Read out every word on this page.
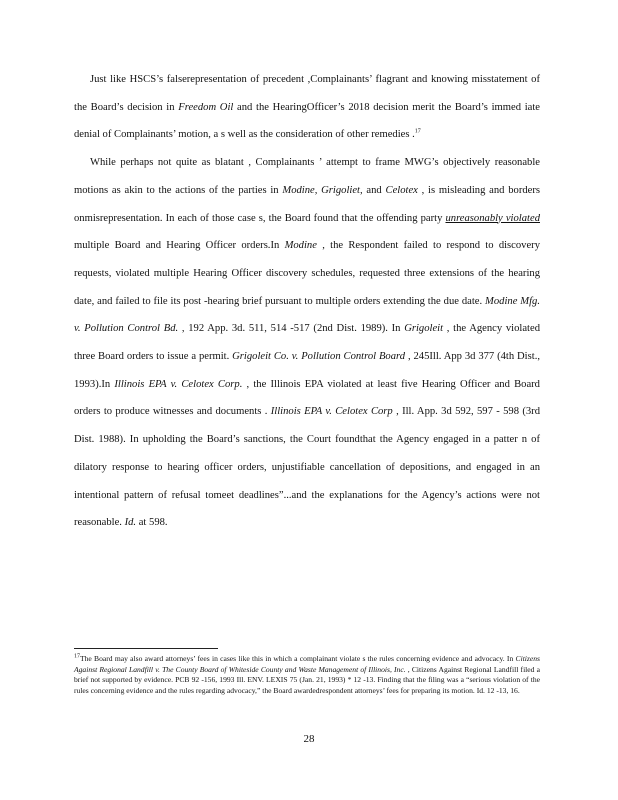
Just like HSCS’s falserepresentation of precedent ,Complainants’ flagrant and knowing misstatement of the Board’s decision in Freedom Oil and the HearingOfficer’s 2018 decision merit the Board’s immed iate denial of Complainants’ motion, a s well as the consideration of other remedies .$^{17}$

While perhaps not quite as blatant , Complainants ’ attempt to frame MWG’s objectively reasonable motions as akin to the actions of the parties in Modine, Grigoliet, and Celotex , is misleading and borders onmisrepresentation. In each of those case s, the Board found that the offending party unreasonably violated multiple Board and Hearing Officer orders.In Modine , the Respondent failed to respond to discovery requests, violated multiple Hearing Officer discovery schedules, requested three extensions of the hearing date, and failed to file its post -hearing brief pursuant to multiple orders extending the due date. Modine Mfg. v. Pollution Control Bd. , 192 App. 3d. 511, 514 -517 (2nd Dist. 1989). In Grigoleit , the Agency violated three Board orders to issue a permit. Grigoleit Co. v. Pollution Control Board , 245Ill. App 3d 377 (4th Dist., 1993).In Illinois EPA v. Celotex Corp. , the Illinois EPA violated at least five Hearing Officer and Board orders to produce witnesses and documents . Illinois EPA v. Celotex Corp , Ill. App. 3d 592, 597 - 598 (3rd Dist. 1988). In upholding the Board’s sanctions, the Court foundthat the Agency engaged in a patter n of dilatory response to hearing officer orders, unjustifiable cancellation of depositions, and engaged in an intentional pattern of refusal tomeet deadlines”...and the explanations for the Agency’s actions were not reasonable. Id. at 598.

$^{17}$The Board may also award attorneys’ fees in cases like this in which a complainant violate s the rules concerning evidence and advocacy. In Citizens Against Regional Landfill v. The County Board of Whiteside County and Waste Management of Illinois, Inc. , Citizens Against Regional Landfill filed a brief not supported by evidence. PCB 92 -156, 1993 Ill. ENV. LEXIS 75 (Jan. 21, 1993) * 12 -13. Finding that the filing was a “serious violation of the rules concerning evidence and the rules regarding advocacy,” the Board awardedrespondent attorneys’ fees for preparing its motion. Id. 12 -13, 16.

28
